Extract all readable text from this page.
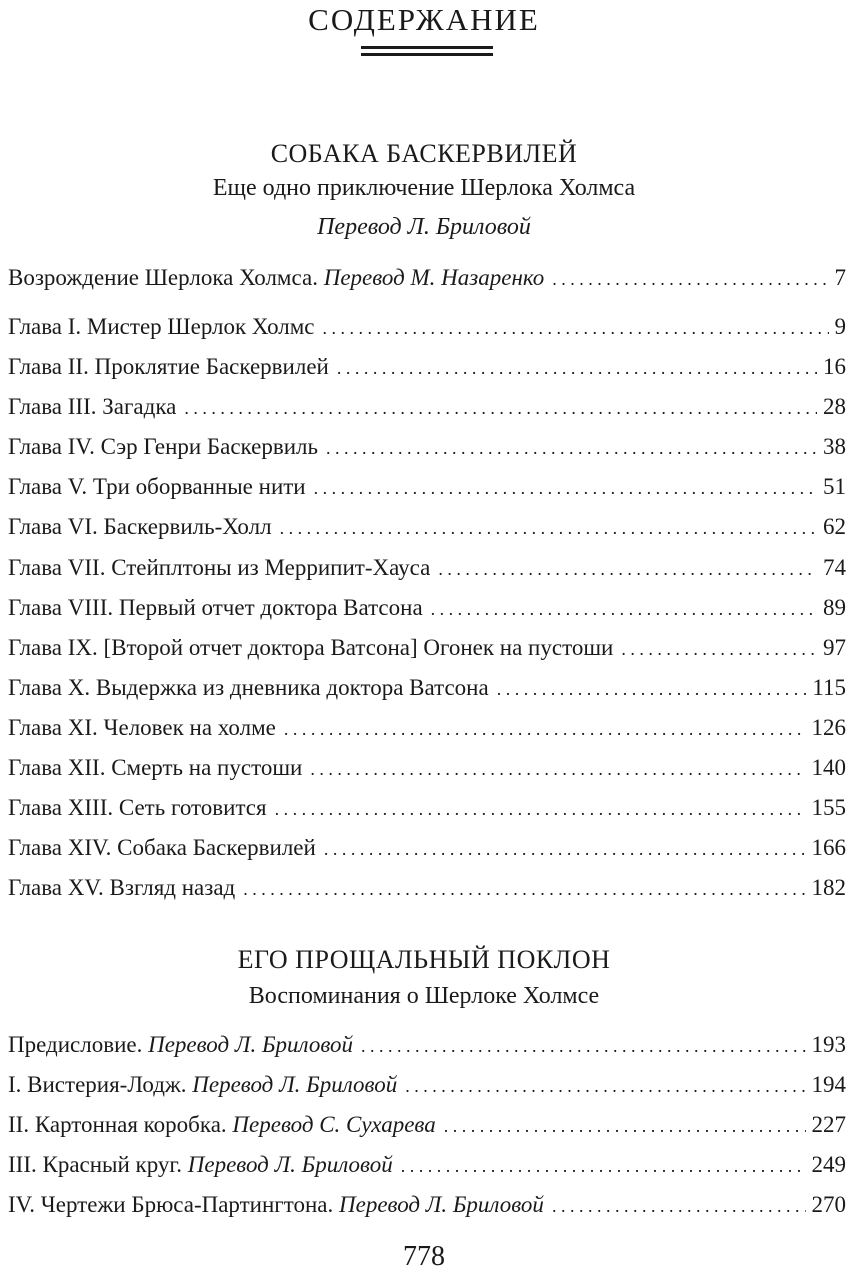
СОДЕРЖАНИЕ
СОБАКА БАСКЕРВИЛЕЙ
Еще одно приключение Шерлока Холмса
Перевод Л. Бриловой
Возрождение Шерлока Холмса. Перевод М. Назаренко . . .	7
Глава I. Мистер Шерлок Холмс . . .	9
Глава II. Проклятие Баскервилей . . .	16
Глава III. Загадка . . .	28
Глава IV. Сэр Генри Баскервиль . . .	38
Глава V. Три оборванные нити . . .	51
Глава VI. Баскервиль-Холл . . .	62
Глава VII. Стейплтоны из Меррипит-Хауса . . .	74
Глава VIII. Первый отчет доктора Ватсона . . .	89
Глава IX. [Второй отчет доктора Ватсона] Огонек на пустоши . . .	97
Глава X. Выдержка из дневника доктора Ватсона . . .	115
Глава XI. Человек на холме . . .	126
Глава XII. Смерть на пустоши . . .	140
Глава XIII. Сеть готовится . . .	155
Глава XIV. Собака Баскервилей . . .	166
Глава XV. Взгляд назад . . .	182
ЕГО ПРОЩАЛЬНЫЙ ПОКЛОН
Воспоминания о Шерлоке Холмсе
Предисловие. Перевод Л. Бриловой . . .	193
I. Вистерия-Лодж. Перевод Л. Бриловой . . .	194
II. Картонная коробка. Перевод С. Сухарева . . .	227
III. Красный круг. Перевод Л. Бриловой . . .	249
IV. Чертежи Брюса-Партингтона. Перевод Л. Бриловой . . .	270
778
